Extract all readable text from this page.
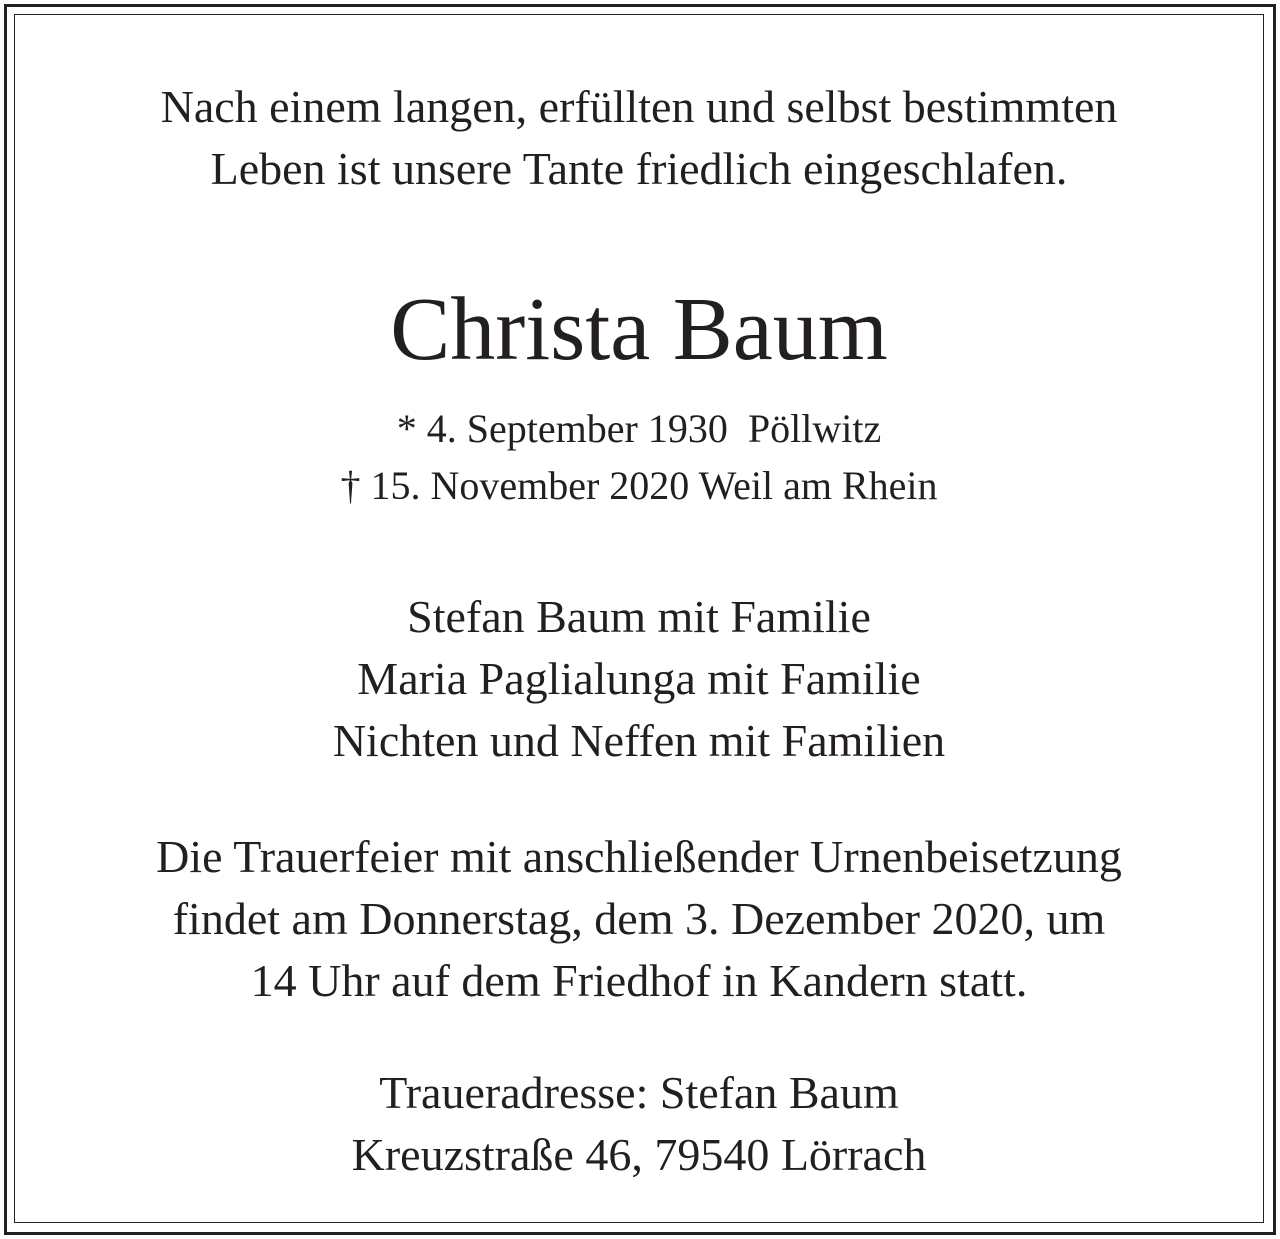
Nach einem langen, erfüllten und selbst bestimmten
Leben ist unsere Tante friedlich eingeschlafen.
Christa Baum
* 4. September 1930  Pöllwitz
† 15. November 2020 Weil am Rhein
Stefan Baum mit Familie
Maria Paglialunga mit Familie
Nichten und Neffen mit Familien
Die Trauerfeier mit anschließender Urnenbeisetzung
findet am Donnerstag, dem 3. Dezember 2020, um
14 Uhr auf dem Friedhof in Kandern statt.
Traueradresse: Stefan Baum
Kreuzstraße 46, 79540 Lörrach
